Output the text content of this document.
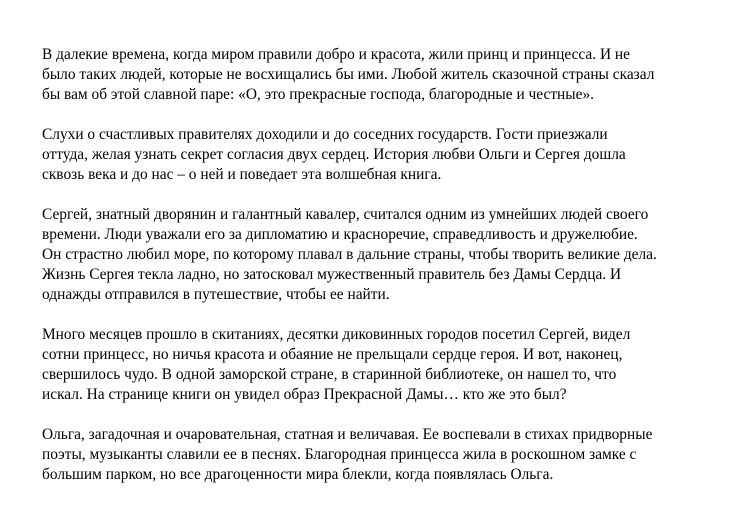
В далекие времена, когда миром правили добро и красота, жили принц и принцесса. И не
было таких людей, которые не восхищались бы ими. Любой житель сказочной страны сказал
бы вам об этой славной паре: «О, это прекрасные господа, благородные и честные».

Слухи о счастливых правителях доходили и до соседних государств. Гости приезжали
оттуда, желая узнать секрет согласия двух сердец. История любви Ольги и Сергея дошла
сквозь века и до нас – о ней и поведает эта волшебная книга.

Сергей, знатный дворянин и галантный кавалер, считался одним из умнейших людей своего
времени. Люди уважали его за дипломатию и красноречие, справедливость и дружелюбие.
Он страстно любил море, по которому плавал в дальние страны, чтобы творить великие дела.
Жизнь Сергея текла ладно, но затосковал мужественный правитель без Дамы Сердца. И
однажды отправился в путешествие, чтобы ее найти.

Много месяцев прошло в скитаниях, десятки диковинных городов посетил Сергей, видел
сотни принцесс, но ничья красота и обаяние не прельщали сердце героя. И вот, наконец,
свершилось чудо. В одной заморской стране, в старинной библиотеке, он нашел то, что
искал. На странице книги он увидел образ Прекрасной Дамы… кто же это был?

Ольга, загадочная и очаровательная, статная и величавая. Ее воспевали в стихах придворные
поэты, музыканты славили ее в песнях. Благородная принцесса жила в роскошном замке с
большим парком, но все драгоценности мира блекли, когда появлялась Ольга.
